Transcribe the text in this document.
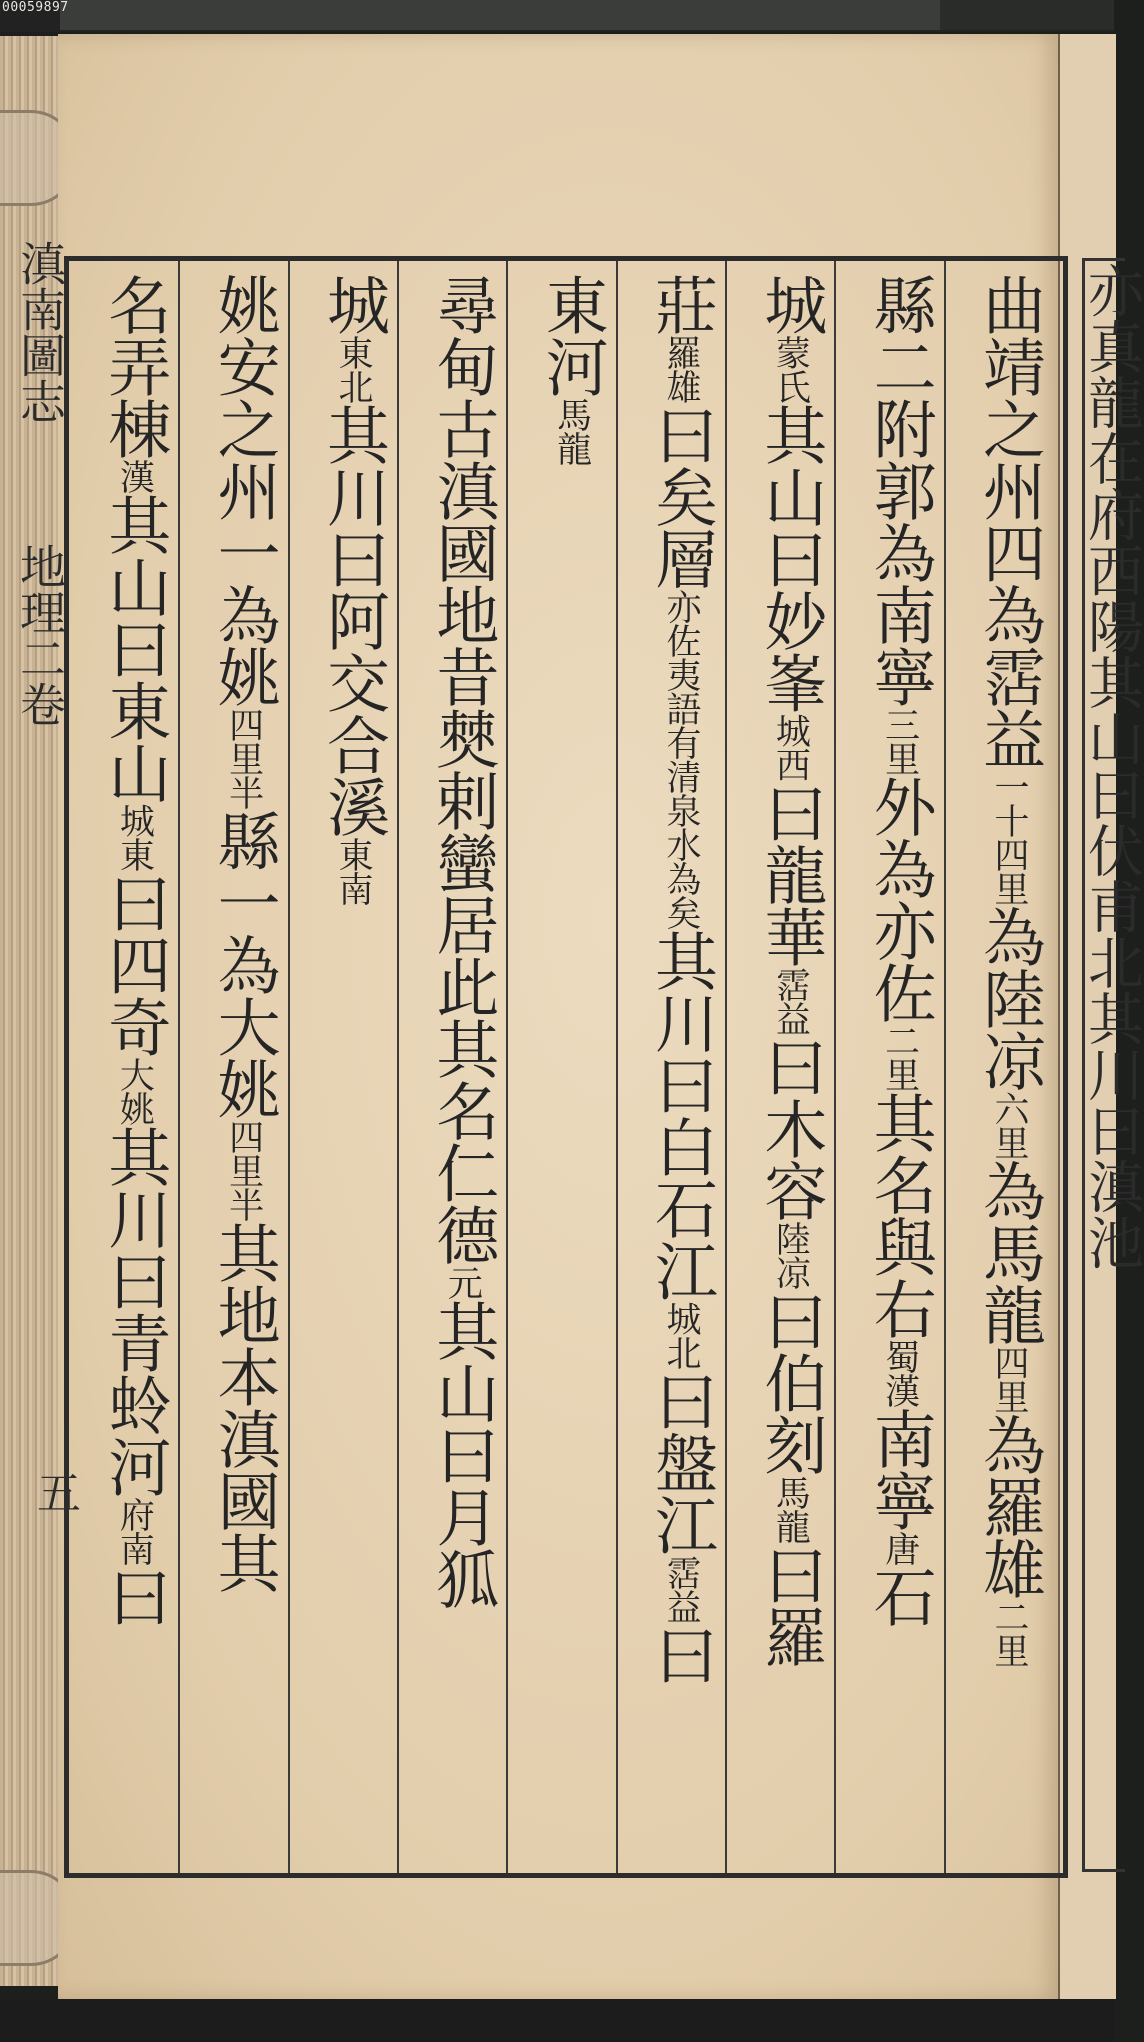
00059897
亦真龍在府西陽其山曰伏甫北其川曰滇池
滇南圖志  地理二卷
五
曲靖之州四為霑益一十四里為陸凉六里為馬龍四里為羅雄二里
縣二附郭為南寧三里外為亦佐二里其名與右蜀漢南寧唐石
城蒙氏其山曰妙峯城西曰龍華霑益曰木容陸凉曰伯刻馬龍曰羅
莊羅雄曰矣層亦佐夷語有清泉水為矣其川曰白石江城北曰盤江霑益曰
東河馬龍
尋甸古滇國地昔僰剌蠻居此其名仁德元其山曰月狐
城東北其川曰阿交合溪東南
姚安之州一為姚四里半縣一為大姚四里半其地本滇國其
名弄棟漢其山曰東山城東曰四奇大姚其川曰青蛉河府南曰
